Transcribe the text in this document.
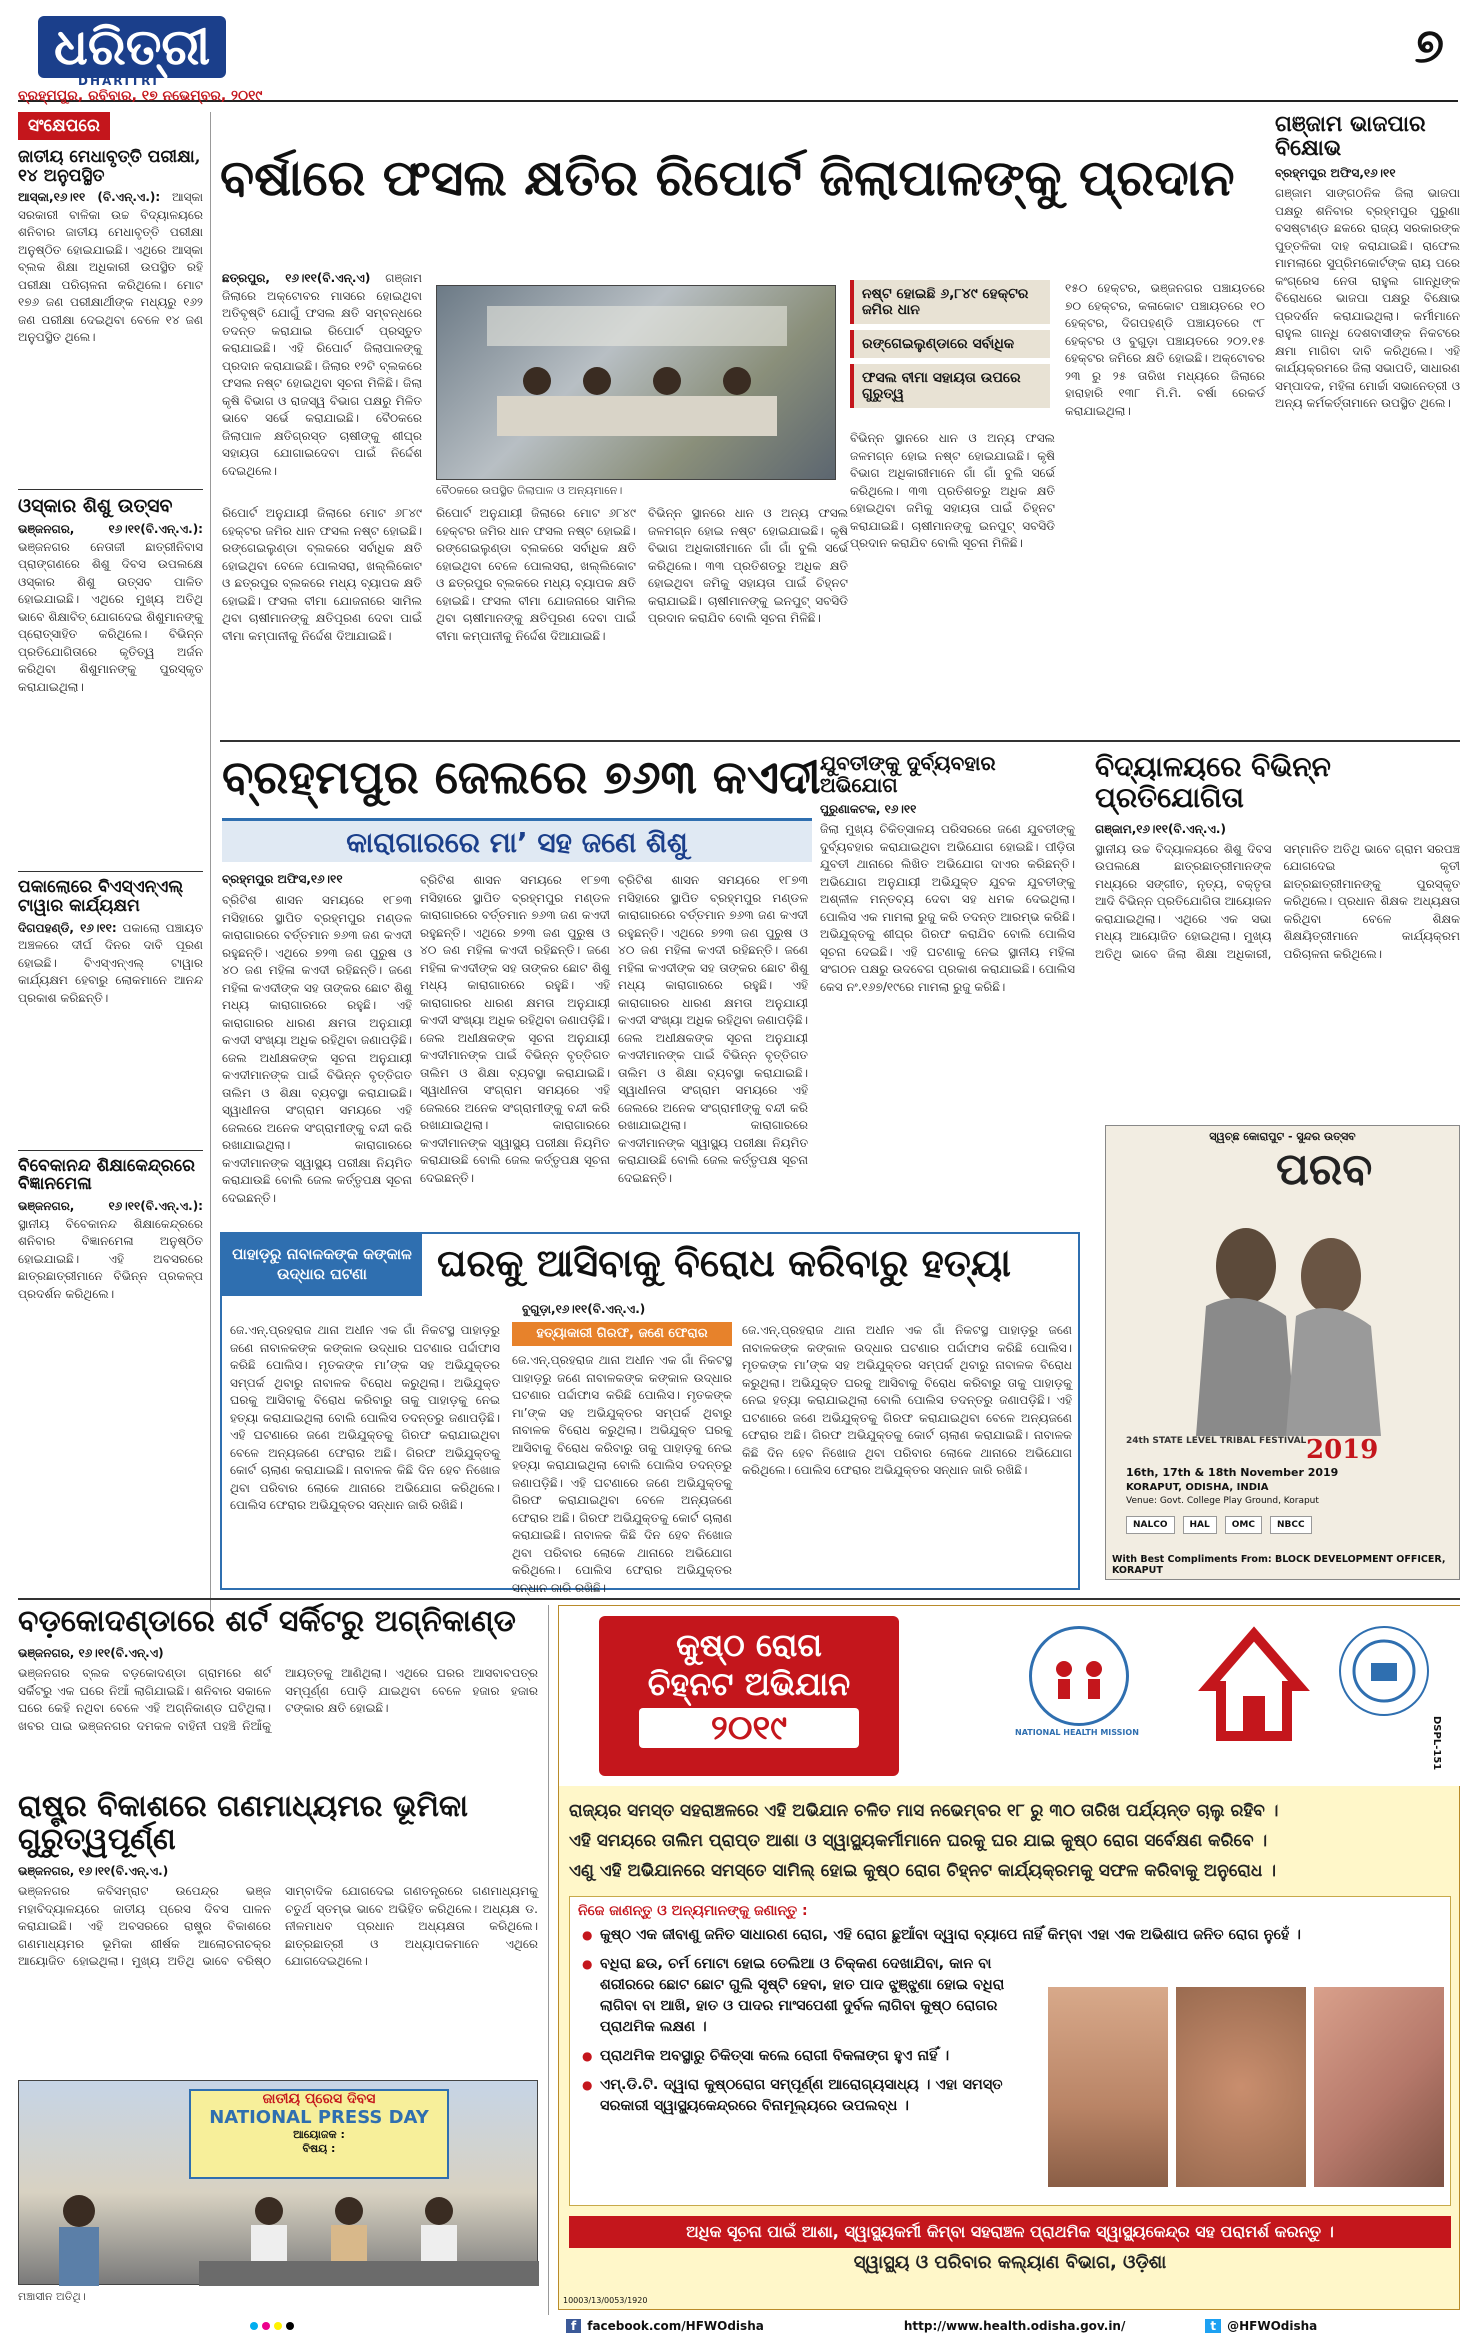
ଧରିତ୍ରୀ
DHARITRI
ବ୍ରହ୍ମପୁର, ରବିବାର, ୧୭ ନଭେମ୍ବର, ୨୦୧୯
୭
ସଂକ୍ଷେପରେ
ଜାତୀୟ ମେଧାବୃତ୍ତି ପରୀକ୍ଷା, ୧୪ ଅନୁପସ୍ଥିତ
ଆସ୍କା,୧୬।୧୧ (ବି.ଏନ୍.ଏ.): ଆସ୍କା ସରକାରୀ ବାଳିକା ଉଚ୍ଚ ବିଦ୍ୟାଳୟରେ ଶନିବାର ଜାତୀୟ ମେଧାବୃତ୍ତି ପରୀକ୍ଷା ଅନୁଷ୍ଠିତ ହୋଇଯାଇଛି। ଏଥିରେ ଆସ୍କା ବ୍ଲକ ଶିକ୍ଷା ଅଧିକାରୀ ଉପସ୍ଥିତ ରହି ପରୀକ୍ଷା ପରିଚାଳନା କରିଥିଲେ। ମୋଟ ୧୭୬ ଜଣ ପରୀକ୍ଷାର୍ଥୀଙ୍କ ମଧ୍ୟରୁ ୧୬୨ ଜଣ ପରୀକ୍ଷା ଦେଇଥିବା ବେଳେ ୧୪ ଜଣ ଅନୁପସ୍ଥିତ ଥିଲେ।
ଓସ୍କାର ଶିଶୁ ଉତ୍ସବ
ଭଞ୍ଜନଗର, ୧୬।୧୧(ବି.ଏନ୍.ଏ.): ଭଞ୍ଜନଗର ନେତାଜୀ ଛାତ୍ରୀନିବାସ ପ୍ରାଙ୍ଗଣରେ ଶିଶୁ ଦିବସ ଉପଲକ୍ଷେ ଓସ୍କାର ଶିଶୁ ଉତ୍ସବ ପାଳିତ ହୋଇଯାଇଛି। ଏଥିରେ ମୁଖ୍ୟ ଅତିଥି ଭାବେ ଶିକ୍ଷାବିତ୍ ଯୋଗଦେଇ ଶିଶୁମାନଙ୍କୁ ପ୍ରୋତ୍ସାହିତ କରିଥିଲେ। ବିଭିନ୍ନ ପ୍ରତିଯୋଗିତାରେ କୃତିତ୍ୱ ଅର୍ଜନ କରିଥିବା ଶିଶୁମାନଙ୍କୁ ପୁରସ୍କୃତ କରାଯାଇଥିଲା।
ପକାଲୋରେ ବିଏସ୍ଏନ୍ଏଲ୍ ଟାୱାର କାର୍ଯ୍ୟକ୍ଷମ
ଦିଗପହଣ୍ଡି, ୧୬।୧୧: ପକାଲୋ ପଞ୍ଚାୟତ ଅଞ୍ଚଳରେ ଦୀର୍ଘ ଦିନର ଦାବି ପୂରଣ ହୋଇଛି। ବିଏସ୍ଏନ୍ଏଲ୍ ଟାୱାର କାର୍ଯ୍ୟକ୍ଷମ ହେବାରୁ ଲୋକମାନେ ଆନନ୍ଦ ପ୍ରକାଶ କରିଛନ୍ତି।
ବିବେକାନନ୍ଦ ଶିକ୍ଷାକେନ୍ଦ୍ରରେ ବିଜ୍ଞାନମେଳା
ଭଞ୍ଜନଗର, ୧୬।୧୧(ବି.ଏନ୍.ଏ.): ସ୍ଥାନୀୟ ବିବେକାନନ୍ଦ ଶିକ୍ଷାକେନ୍ଦ୍ରରେ ଶନିବାର ବିଜ୍ଞାନମେଳା ଅନୁଷ୍ଠିତ ହୋଇଯାଇଛି। ଏହି ଅବସରରେ ଛାତ୍ରଛାତ୍ରୀମାନେ ବିଭିନ୍ନ ପ୍ରକଳ୍ପ ପ୍ରଦର୍ଶନ କରିଥିଲେ।
ବର୍ଷାରେ ଫସଲ କ୍ଷତିର ରିପୋର୍ଟ ଜିଲାପାଳଙ୍କୁ ପ୍ରଦାନ
ବୈଠକରେ ଉପସ୍ଥିତ ଜିଲାପାଳ ଓ ଅନ୍ୟମାନେ।
ଛତ୍ରପୁର, ୧୬।୧୧(ବି.ଏନ୍.ଏ) ଗଞ୍ଜାମ ଜିଲାରେ ଅକ୍ଟୋବର ମାସରେ ହୋଇଥିବା ଅତିବୃଷ୍ଟି ଯୋଗୁଁ ଫସଲ କ୍ଷତି ସମ୍ବନ୍ଧରେ ତଦନ୍ତ କରାଯାଇ ରିପୋର୍ଟ ପ୍ରସ୍ତୁତ କରାଯାଇଛି। ଏହି ରିପୋର୍ଟ ଜିଲାପାଳଙ୍କୁ ପ୍ରଦାନ କରାଯାଇଛି। ଜିଲାର ୧୨ଟି ବ୍ଲକରେ ଫସଲ ନଷ୍ଟ ହୋଇଥିବା ସୂଚନା ମିଳିଛି। ଜିଲା କୃଷି ବିଭାଗ ଓ ରାଜସ୍ୱ ବିଭାଗ ପକ୍ଷରୁ ମିଳିତ ଭାବେ ସର୍ଭେ କରାଯାଇଛି। ବୈଠକରେ ଜିଲାପାଳ କ୍ଷତିଗ୍ରସ୍ତ ଚାଷୀଙ୍କୁ ଶୀଘ୍ର ସହାୟତା ଯୋଗାଇଦେବା ପାଇଁ ନିର୍ଦ୍ଦେଶ ଦେଇଥିଲେ।
ରିପୋର୍ଟ ଅନୁଯାୟୀ ଜିଲାରେ ମୋଟ ୬୮୪୯ ହେକ୍ଟର ଜମିର ଧାନ ଫସଲ ନଷ୍ଟ ହୋଇଛି। ରଙ୍ଗେଇଲୁଣ୍ଡା ବ୍ଲକରେ ସର୍ବାଧିକ କ୍ଷତି ହୋଇଥିବା ବେଳେ ପୋଲସରା, ଖଲ୍ଲିକୋଟ ଓ ଛତ୍ରପୁର ବ୍ଲକରେ ମଧ୍ୟ ବ୍ୟାପକ କ୍ଷତି ହୋଇଛି। ଫସଲ ବୀମା ଯୋଜନାରେ ସାମିଲ ଥିବା ଚାଷୀମାନଙ୍କୁ କ୍ଷତିପୂରଣ ଦେବା ପାଇଁ ବୀମା କମ୍ପାନୀକୁ ନିର୍ଦ୍ଦେଶ ଦିଆଯାଇଛି।
ରିପୋର୍ଟ ଅନୁଯାୟୀ ଜିଲାରେ ମୋଟ ୬୮୪୯ ହେକ୍ଟର ଜମିର ଧାନ ଫସଲ ନଷ୍ଟ ହୋଇଛି। ରଙ୍ଗେଇଲୁଣ୍ଡା ବ୍ଲକରେ ସର୍ବାଧିକ କ୍ଷତି ହୋଇଥିବା ବେଳେ ପୋଲସରା, ଖଲ୍ଲିକୋଟ ଓ ଛତ୍ରପୁର ବ୍ଲକରେ ମଧ୍ୟ ବ୍ୟାପକ କ୍ଷତି ହୋଇଛି। ଫସଲ ବୀମା ଯୋଜନାରେ ସାମିଲ ଥିବା ଚାଷୀମାନଙ୍କୁ କ୍ଷତିପୂରଣ ଦେବା ପାଇଁ ବୀମା କମ୍ପାନୀକୁ ନିର୍ଦ୍ଦେଶ ଦିଆଯାଇଛି।
ନଷ୍ଟ ହୋଇଛି ୬,୮୪୯ ହେକ୍ଟର ଜମିର ଧାନ
ରଙ୍ଗେଇଲୁଣ୍ଡାରେ ସର୍ବାଧିକ
ଫସଲ ବୀମା ସହାୟତା ଉପରେ ଗୁରୁତ୍ୱ
ବିଭିନ୍ନ ସ୍ଥାନରେ ଧାନ ଓ ଅନ୍ୟ ଫସଲ ଜଳମଗ୍ନ ହୋଇ ନଷ୍ଟ ହୋଇଯାଇଛି। କୃଷି ବିଭାଗ ଅଧିକାରୀମାନେ ଗାଁ ଗାଁ ବୁଲି ସର୍ଭେ କରିଥିଲେ। ୩୩ ପ୍ରତିଶତରୁ ଅଧିକ କ୍ଷତି ହୋଇଥିବା ଜମିକୁ ସହାୟତା ପାଇଁ ଚିହ୍ନଟ କରାଯାଇଛି। ଚାଷୀମାନଙ୍କୁ ଇନପୁଟ୍ ସବସିଡି ପ୍ରଦାନ କରାଯିବ ବୋଲି ସୂଚନା ମିଳିଛି।
ବିଭିନ୍ନ ସ୍ଥାନରେ ଧାନ ଓ ଅନ୍ୟ ଫସଲ ଜଳମଗ୍ନ ହୋଇ ନଷ୍ଟ ହୋଇଯାଇଛି। କୃଷି ବିଭାଗ ଅଧିକାରୀମାନେ ଗାଁ ଗାଁ ବୁଲି ସର୍ଭେ କରିଥିଲେ। ୩୩ ପ୍ରତିଶତରୁ ଅଧିକ କ୍ଷତି ହୋଇଥିବା ଜମିକୁ ସହାୟତା ପାଇଁ ଚିହ୍ନଟ କରାଯାଇଛି। ଚାଷୀମାନଙ୍କୁ ଇନପୁଟ୍ ସବସିଡି ପ୍ରଦାନ କରାଯିବ ବୋଲି ସୂଚନା ମିଳିଛି।
୧୫୦ ହେକ୍ଟର, ଭଞ୍ଜନଗର ପଞ୍ଚାୟତରେ ୭୦ ହେକ୍ଟର, କଳାକୋଟ ପଞ୍ଚାୟତରେ ୧୦ ହେକ୍ଟର, ଦିଗପହଣ୍ଡି ପଞ୍ଚାୟତରେ ୯୮ ହେକ୍ଟର ଓ ବୁଗୁଡ଼ା ପଞ୍ଚାୟତରେ ୨୦୨.୧୫ ହେକ୍ଟର ଜମିରେ କ୍ଷତି ହୋଇଛି। ଅକ୍ଟୋବର ୨୩ ରୁ ୨୫ ତାରିଖ ମଧ୍ୟରେ ଜିଲାରେ ହାରାହାରି ୧୩୮ ମି.ମି. ବର୍ଷା ରେକର୍ଡ କରାଯାଇଥିଲା।
ଗଞ୍ଜାମ ଭାଜପାର ବିକ୍ଷୋଭ
ବ୍ରହ୍ମପୁର ଅଫିସ,୧୬।୧୧
ଗଞ୍ଜାମ ସାଙ୍ଗଠନିକ ଜିଲା ଭାଜପା ପକ୍ଷରୁ ଶନିବାର ବ୍ରହ୍ମପୁର ପୁରୁଣା ବସଷ୍ଟାଣ୍ଡ ଛକରେ ରାଜ୍ୟ ସରକାରଙ୍କ ପୁତ୍ତଳିକା ଦାହ କରାଯାଇଛି। ରାଫେଲ ମାମଲାରେ ସୁପ୍ରିମକୋର୍ଟଙ୍କ ରାୟ ପରେ କଂଗ୍ରେସ ନେତା ରାହୁଲ ଗାନ୍ଧିଙ୍କ ବିରୋଧରେ ଭାଜପା ପକ୍ଷରୁ ବିକ୍ଷୋଭ ପ୍ରଦର୍ଶନ କରାଯାଇଥିଲା। କର୍ମୀମାନେ ରାହୁଲ ଗାନ୍ଧି ଦେଶବାସୀଙ୍କ ନିକଟରେ କ୍ଷମା ମାଗିବା ଦାବି କରିଥିଲେ। ଏହି କାର୍ଯ୍ୟକ୍ରମରେ ଜିଲା ସଭାପତି, ସାଧାରଣ ସମ୍ପାଦକ, ମହିଳା ମୋର୍ଚ୍ଚା ସଭାନେତ୍ରୀ ଓ ଅନ୍ୟ କର୍ମକର୍ତ୍ତାମାନେ ଉପସ୍ଥିତ ଥିଲେ।
ବ୍ରହ୍ମପୁର ଜେଲରେ ୭୬୩ କଏଦୀ
କାରାଗାରରେ ମା’ ସହ ଜଣେ ଶିଶୁ
ବ୍ରହ୍ମପୁର ଅଫିସ,୧୬।୧୧
ବ୍ରିଟିଶ ଶାସନ ସମୟରେ ୧୮୭୩ ମସିହାରେ ସ୍ଥାପିତ ବ୍ରହ୍ମପୁର ମଣ୍ଡଳ କାରାଗାରରେ ବର୍ତ୍ତମାନ ୭୬୩ ଜଣ କଏଦୀ ରହୁଛନ୍ତି। ଏଥିରେ ୭୨୩ ଜଣ ପୁରୁଷ ଓ ୪୦ ଜଣ ମହିଳା କଏଦୀ ରହିଛନ୍ତି। ଜଣେ ମହିଳା କଏଦୀଙ୍କ ସହ ତାଙ୍କର ଛୋଟ ଶିଶୁ ମଧ୍ୟ କାରାଗାରରେ ରହୁଛି। ଏହି କାରାଗାରର ଧାରଣ କ୍ଷମତା ଅନୁଯାୟୀ କଏଦୀ ସଂଖ୍ୟା ଅଧିକ ରହିଥିବା ଜଣାପଡ଼ିଛି। ଜେଲ ଅଧୀକ୍ଷକଙ୍କ ସୂଚନା ଅନୁଯାୟୀ କଏଦୀମାନଙ୍କ ପାଇଁ ବିଭିନ୍ନ ବୃତ୍ତିଗତ ତାଲିମ ଓ ଶିକ୍ଷା ବ୍ୟବସ୍ଥା କରାଯାଇଛି। ସ୍ୱାଧୀନତା ସଂଗ୍ରାମ ସମୟରେ ଏହି ଜେଲରେ ଅନେକ ସଂଗ୍ରାମୀଙ୍କୁ ବନ୍ଦୀ କରି ରଖାଯାଇଥିଲା। କାରାଗାରରେ କଏଦୀମାନଙ୍କ ସ୍ୱାସ୍ଥ୍ୟ ପରୀକ୍ଷା ନିୟମିତ କରାଯାଉଛି ବୋଲି ଜେଲ କର୍ତ୍ତୃପକ୍ଷ ସୂଚନା ଦେଇଛନ୍ତି।
ବ୍ରିଟିଶ ଶାସନ ସମୟରେ ୧୮୭୩ ମସିହାରେ ସ୍ଥାପିତ ବ୍ରହ୍ମପୁର ମଣ୍ଡଳ କାରାଗାରରେ ବର୍ତ୍ତମାନ ୭୬୩ ଜଣ କଏଦୀ ରହୁଛନ୍ତି। ଏଥିରେ ୭୨୩ ଜଣ ପୁରୁଷ ଓ ୪୦ ଜଣ ମହିଳା କଏଦୀ ରହିଛନ୍ତି। ଜଣେ ମହିଳା କଏଦୀଙ୍କ ସହ ତାଙ୍କର ଛୋଟ ଶିଶୁ ମଧ୍ୟ କାରାଗାରରେ ରହୁଛି। ଏହି କାରାଗାରର ଧାରଣ କ୍ଷମତା ଅନୁଯାୟୀ କଏଦୀ ସଂଖ୍ୟା ଅଧିକ ରହିଥିବା ଜଣାପଡ଼ିଛି। ଜେଲ ଅଧୀକ୍ଷକଙ୍କ ସୂଚନା ଅନୁଯାୟୀ କଏଦୀମାନଙ୍କ ପାଇଁ ବିଭିନ୍ନ ବୃତ୍ତିଗତ ତାଲିମ ଓ ଶିକ୍ଷା ବ୍ୟବସ୍ଥା କରାଯାଇଛି। ସ୍ୱାଧୀନତା ସଂଗ୍ରାମ ସମୟରେ ଏହି ଜେଲରେ ଅନେକ ସଂଗ୍ରାମୀଙ୍କୁ ବନ୍ଦୀ କରି ରଖାଯାଇଥିଲା। କାରାଗାରରେ କଏଦୀମାନଙ୍କ ସ୍ୱାସ୍ଥ୍ୟ ପରୀକ୍ଷା ନିୟମିତ କରାଯାଉଛି ବୋଲି ଜେଲ କର୍ତ୍ତୃପକ୍ଷ ସୂଚନା ଦେଇଛନ୍ତି।
ବ୍ରିଟିଶ ଶାସନ ସମୟରେ ୧୮୭୩ ମସିହାରେ ସ୍ଥାପିତ ବ୍ରହ୍ମପୁର ମଣ୍ଡଳ କାରାଗାରରେ ବର୍ତ୍ତମାନ ୭୬୩ ଜଣ କଏଦୀ ରହୁଛନ୍ତି। ଏଥିରେ ୭୨୩ ଜଣ ପୁରୁଷ ଓ ୪୦ ଜଣ ମହିଳା କଏଦୀ ରହିଛନ୍ତି। ଜଣେ ମହିଳା କଏଦୀଙ୍କ ସହ ତାଙ୍କର ଛୋଟ ଶିଶୁ ମଧ୍ୟ କାରାଗାରରେ ରହୁଛି। ଏହି କାରାଗାରର ଧାରଣ କ୍ଷମତା ଅନୁଯାୟୀ କଏଦୀ ସଂଖ୍ୟା ଅଧିକ ରହିଥିବା ଜଣାପଡ଼ିଛି। ଜେଲ ଅଧୀକ୍ଷକଙ୍କ ସୂଚନା ଅନୁଯାୟୀ କଏଦୀମାନଙ୍କ ପାଇଁ ବିଭିନ୍ନ ବୃତ୍ତିଗତ ତାଲିମ ଓ ଶିକ୍ଷା ବ୍ୟବସ୍ଥା କରାଯାଇଛି। ସ୍ୱାଧୀନତା ସଂଗ୍ରାମ ସମୟରେ ଏହି ଜେଲରେ ଅନେକ ସଂଗ୍ରାମୀଙ୍କୁ ବନ୍ଦୀ କରି ରଖାଯାଇଥିଲା। କାରାଗାରରେ କଏଦୀମାନଙ୍କ ସ୍ୱାସ୍ଥ୍ୟ ପରୀକ୍ଷା ନିୟମିତ କରାଯାଉଛି ବୋଲି ଜେଲ କର୍ତ୍ତୃପକ୍ଷ ସୂଚନା ଦେଇଛନ୍ତି।
ଯୁବତୀଙ୍କୁ ଦୁର୍ବ୍ୟବହାର ଅଭିଯୋଗ
ପୁରୁଣାକଟକ, ୧୬।୧୧
ଜିଲା ମୁଖ୍ୟ ଚିକିତ୍ସାଳୟ ପରିସରରେ ଜଣେ ଯୁବତୀଙ୍କୁ ଦୁର୍ବ୍ୟବହାର କରାଯାଇଥିବା ଅଭିଯୋଗ ହୋଇଛି। ପୀଡ଼ିତା ଯୁବତୀ ଥାନାରେ ଲିଖିତ ଅଭିଯୋଗ ଦାଏର କରିଛନ୍ତି। ଅଭିଯୋଗ ଅନୁଯାୟୀ ଅଭିଯୁକ୍ତ ଯୁବକ ଯୁବତୀଙ୍କୁ ଅଶ୍ଳୀଳ ମନ୍ତବ୍ୟ ଦେବା ସହ ଧମକ ଦେଇଥିଲା। ପୋଲିସ ଏକ ମାମଲା ରୁଜୁ କରି ତଦନ୍ତ ଆରମ୍ଭ କରିଛି। ଅଭିଯୁକ୍ତକୁ ଶୀଘ୍ର ଗିରଫ କରାଯିବ ବୋଲି ପୋଲିସ ସୂଚନା ଦେଇଛି। ଏହି ଘଟଣାକୁ ନେଇ ସ୍ଥାନୀୟ ମହିଳା ସଂଗଠନ ପକ୍ଷରୁ ଉଦବେଗ ପ୍ରକାଶ କରାଯାଇଛି। ପୋଲିସ କେସ ନଂ.୧୬୭/୧୯ରେ ମାମଲା ରୁଜୁ କରିଛି।
ବିଦ୍ୟାଳୟରେ ବିଭିନ୍ନ ପ୍ରତିଯୋଗିତା
ଗଞ୍ଜାମ,୧୬।୧୧(ବି.ଏନ୍.ଏ.)
ସ୍ଥାନୀୟ ଉଚ୍ଚ ବିଦ୍ୟାଳୟରେ ଶିଶୁ ଦିବସ ଉପଲକ୍ଷେ ଛାତ୍ରଛାତ୍ରୀମାନଙ୍କ ମଧ୍ୟରେ ସଙ୍ଗୀତ, ନୃତ୍ୟ, ବକ୍ତୃତା ଆଦି ବିଭିନ୍ନ ପ୍ରତିଯୋଗିତା ଆୟୋଜନ କରାଯାଇଥିଲା। ଏଥିରେ ଏକ ସଭା ମଧ୍ୟ ଆୟୋଜିତ ହୋଇଥିଲା। ମୁଖ୍ୟ ଅତିଥି ଭାବେ ଜିଲା ଶିକ୍ଷା ଅଧିକାରୀ, ସମ୍ମାନିତ ଅତିଥି ଭାବେ ଗ୍ରାମ ସରପଞ୍ଚ ଯୋଗଦେଇ କୃତୀ ଛାତ୍ରଛାତ୍ରୀମାନଙ୍କୁ ପୁରସ୍କୃତ କରିଥିଲେ। ପ୍ରଧାନ ଶିକ୍ଷକ ଅଧ୍ୟକ୍ଷତା କରିଥିବା ବେଳେ ଶିକ୍ଷକ ଶିକ୍ଷୟିତ୍ରୀମାନେ କାର୍ଯ୍ୟକ୍ରମ ପରିଚାଳନା କରିଥିଲେ।
ସ୍ୱଚ୍ଛ କୋରାପୁଟ - ସୁନ୍ଦର ଉତ୍ସବ
ପରବ
24th STATE LEVEL TRIBAL FESTIVAL 2019
16th, 17th & 18th November 2019
KORAPUT, ODISHA, INDIA
Venue: Govt. College Play Ground, Koraput
NALCO	HAL	OMC	NBCC
With Best Compliments From: BLOCK DEVELOPMENT OFFICER, KORAPUT
ପାହାଡ଼ରୁ ନାବାଳକଙ୍କ କଙ୍କାଳ ଉଦ୍ଧାର ଘଟଣା	ଘରକୁ ଆସିବାକୁ ବିରୋଧ କରିବାରୁ ହତ୍ୟା
ବୁଗୁଡ଼ା,୧୬।୧୧(ବି.ଏନ୍.ଏ.)
ହତ୍ୟାକାରୀ ଗିରଫ, ଜଣେ ଫେରାର
ଜେ.ଏନ୍.ପ୍ରହରାଜ ଥାନା ଅଧୀନ ଏକ ଗାଁ ନିକଟସ୍ଥ ପାହାଡ଼ରୁ ଜଣେ ନାବାଳକଙ୍କ କଙ୍କାଳ ଉଦ୍ଧାର ଘଟଣାର ପର୍ଦ୍ଦାଫାସ କରିଛି ପୋଲିସ। ମୃତକଙ୍କ ମା’ଙ୍କ ସହ ଅଭିଯୁକ୍ତର ସମ୍ପର୍କ ଥିବାରୁ ନାବାଳକ ବିରୋଧ କରୁଥିଲା। ଅଭିଯୁକ୍ତ ଘରକୁ ଆସିବାକୁ ବିରୋଧ କରିବାରୁ ତାକୁ ପାହାଡ଼କୁ ନେଇ ହତ୍ୟା କରାଯାଇଥିଲା ବୋଲି ପୋଲିସ ତଦନ୍ତରୁ ଜଣାପଡ଼ିଛି। ଏହି ଘଟଣାରେ ଜଣେ ଅଭିଯୁକ୍ତକୁ ଗିରଫ କରାଯାଇଥିବା ବେଳେ ଅନ୍ୟଜଣେ ଫେରାର ଅଛି। ଗିରଫ ଅଭିଯୁକ୍ତକୁ କୋର୍ଟ ଚାଲାଣ କରାଯାଇଛି। ନାବାଳକ କିଛି ଦିନ ହେବ ନିଖୋଜ ଥିବା ପରିବାର ଲୋକେ ଥାନାରେ ଅଭିଯୋଗ କରିଥିଲେ। ପୋଲିସ ଫେରାର ଅଭିଯୁକ୍ତର ସନ୍ଧାନ ଜାରି ରଖିଛି।
ଜେ.ଏନ୍.ପ୍ରହରାଜ ଥାନା ଅଧୀନ ଏକ ଗାଁ ନିକଟସ୍ଥ ପାହାଡ଼ରୁ ଜଣେ ନାବାଳକଙ୍କ କଙ୍କାଳ ଉଦ୍ଧାର ଘଟଣାର ପର୍ଦ୍ଦାଫାସ କରିଛି ପୋଲିସ। ମୃତକଙ୍କ ମା’ଙ୍କ ସହ ଅଭିଯୁକ୍ତର ସମ୍ପର୍କ ଥିବାରୁ ନାବାଳକ ବିରୋଧ କରୁଥିଲା। ଅଭିଯୁକ୍ତ ଘରକୁ ଆସିବାକୁ ବିରୋଧ କରିବାରୁ ତାକୁ ପାହାଡ଼କୁ ନେଇ ହତ୍ୟା କରାଯାଇଥିଲା ବୋଲି ପୋଲିସ ତଦନ୍ତରୁ ଜଣାପଡ଼ିଛି। ଏହି ଘଟଣାରେ ଜଣେ ଅଭିଯୁକ୍ତକୁ ଗିରଫ କରାଯାଇଥିବା ବେଳେ ଅନ୍ୟଜଣେ ଫେରାର ଅଛି। ଗିରଫ ଅଭିଯୁକ୍ତକୁ କୋର୍ଟ ଚାଲାଣ କରାଯାଇଛି। ନାବାଳକ କିଛି ଦିନ ହେବ ନିଖୋଜ ଥିବା ପରିବାର ଲୋକେ ଥାନାରେ ଅଭିଯୋଗ କରିଥିଲେ। ପୋଲିସ ଫେରାର ଅଭିଯୁକ୍ତର ସନ୍ଧାନ ଜାରି ରଖିଛି।
ଜେ.ଏନ୍.ପ୍ରହରାଜ ଥାନା ଅଧୀନ ଏକ ଗାଁ ନିକଟସ୍ଥ ପାହାଡ଼ରୁ ଜଣେ ନାବାଳକଙ୍କ କଙ୍କାଳ ଉଦ୍ଧାର ଘଟଣାର ପର୍ଦ୍ଦାଫାସ କରିଛି ପୋଲିସ। ମୃତକଙ୍କ ମା’ଙ୍କ ସହ ଅଭିଯୁକ୍ତର ସମ୍ପର୍କ ଥିବାରୁ ନାବାଳକ ବିରୋଧ କରୁଥିଲା। ଅଭିଯୁକ୍ତ ଘରକୁ ଆସିବାକୁ ବିରୋଧ କରିବାରୁ ତାକୁ ପାହାଡ଼କୁ ନେଇ ହତ୍ୟା କରାଯାଇଥିଲା ବୋଲି ପୋଲିସ ତଦନ୍ତରୁ ଜଣାପଡ଼ିଛି। ଏହି ଘଟଣାରେ ଜଣେ ଅଭିଯୁକ୍ତକୁ ଗିରଫ କରାଯାଇଥିବା ବେଳେ ଅନ୍ୟଜଣେ ଫେରାର ଅଛି। ଗିରଫ ଅଭିଯୁକ୍ତକୁ କୋର୍ଟ ଚାଲାଣ କରାଯାଇଛି। ନାବାଳକ କିଛି ଦିନ ହେବ ନିଖୋଜ ଥିବା ପରିବାର ଲୋକେ ଥାନାରେ ଅଭିଯୋଗ କରିଥିଲେ। ପୋଲିସ ଫେରାର ଅଭିଯୁକ୍ତର ସନ୍ଧାନ ଜାରି ରଖିଛି।
ବଡ଼କୋଦଣ୍ଡାରେ ଶର୍ଟ ସର୍କିଟରୁ ଅଗ୍ନିକାଣ୍ଡ
ଭଞ୍ଜନଗର, ୧୬।୧୧(ବି.ଏନ୍.ଏ)
ଭଞ୍ଜନଗର ବ୍ଲକ ବଡ଼କୋଦଣ୍ଡା ଗ୍ରାମରେ ଶର୍ଟ ସର୍କିଟରୁ ଏକ ଘରେ ନିଆଁ ଲାଗିଯାଇଛି। ଶନିବାର ସକାଳେ ଘରେ କେହି ନଥିବା ବେଳେ ଏହି ଅଗ୍ନିକାଣ୍ଡ ଘଟିଥିଲା। ଖବର ପାଇ ଭଞ୍ଜନଗର ଦମକଳ ବାହିନୀ ପହଞ୍ଚି ନିଆଁକୁ ଆୟତ୍ତକୁ ଆଣିଥିଲା। ଏଥିରେ ଘରର ଆସବାବପତ୍ର ସମ୍ପୂର୍ଣ୍ଣ ପୋଡ଼ି ଯାଇଥିବା ବେଳେ ହଜାର ହଜାର ଟଙ୍କାର କ୍ଷତି ହୋଇଛି।
ରାଷ୍ଟ୍ର ବିକାଶରେ ଗଣମାଧ୍ୟମର ଭୂମିକା ଗୁରୁତ୍ୱପୂର୍ଣ୍ଣ
ଭଞ୍ଜନଗର, ୧୬।୧୧(ବି.ଏନ୍.ଏ.)
ଭଞ୍ଜନଗର କବିସମ୍ରାଟ ଉପେନ୍ଦ୍ର ଭଞ୍ଜ ମହାବିଦ୍ୟାଳୟରେ ଜାତୀୟ ପ୍ରେସ ଦିବସ ପାଳନ କରାଯାଇଛି। ଏହି ଅବସରରେ ରାଷ୍ଟ୍ର ବିକାଶରେ ଗଣମାଧ୍ୟମର ଭୂମିକା ଶୀର୍ଷକ ଆଲୋଚନାଚକ୍ର ଆୟୋଜିତ ହୋଇଥିଲା। ମୁଖ୍ୟ ଅତିଥି ଭାବେ ବରିଷ୍ଠ ସାମ୍ବାଦିକ ଯୋଗଦେଇ ଗଣତନ୍ତ୍ରରେ ଗଣମାଧ୍ୟମକୁ ଚତୁର୍ଥ ସ୍ତମ୍ଭ ଭାବେ ଅଭିହିତ କରିଥିଲେ। ଅଧ୍ୟକ୍ଷ ଡ. ନୀଳମାଧବ ପ୍ରଧାନ ଅଧ୍ୟକ୍ଷତା କରିଥିଲେ। ଛାତ୍ରଛାତ୍ରୀ ଓ ଅଧ୍ୟାପକମାନେ ଏଥିରେ ଯୋଗଦେଇଥିଲେ।
ଜାତୀୟ ପ୍ରେସ ଦିବସ
NATIONAL PRESS DAY
ଆୟୋଜକ :
ବିଷୟ :
ମଞ୍ଚାସୀନ ଅତିଥି।
କୁଷ୍ଠ ରୋଗ
ଚିହ୍ନଟ ଅଭିଯାନ
୨୦୧୯	NATIONAL HEALTH MISSION	DSPL-151
ରାଜ୍ୟର ସମସ୍ତ ସହରାଞ୍ଚଳରେ ଏହି ଅଭିଯାନ ଚଳିତ ମାସ ନଭେମ୍ବର ୧୮ ରୁ ୩୦ ତାରିଖ ପର୍ଯ୍ୟନ୍ତ ଚାଲୁ ରହିବ ।
ଏହି ସମୟରେ ତାଲିମ ପ୍ରାପ୍ତ ଆଶା ଓ ସ୍ୱାସ୍ଥ୍ୟକର୍ମୀମାନେ ଘରକୁ ଘର ଯାଇ କୁଷ୍ଠ ରୋଗ ସର୍ବେକ୍ଷଣ କରିବେ ।
ଏଣୁ ଏହି ଅଭିଯାନରେ ସମସ୍ତେ ସାମିଲ୍ ହୋଇ କୁଷ୍ଠ ରୋଗ ଚିହ୍ନଟ କାର୍ଯ୍ୟକ୍ରମକୁ ସଫଳ କରିବାକୁ ଅନୁରୋଧ ।
ନିଜେ ଜାଣନ୍ତୁ ଓ ଅନ୍ୟମାନଙ୍କୁ ଜଣାନ୍ତୁ :
● କୁଷ୍ଠ ଏକ ଜୀବାଣୁ ଜନିତ ସାଧାରଣ ରୋଗ, ଏହି ରୋଗ ଛୁଆଁବା ଦ୍ୱାରା ବ୍ୟାପେ ନାହିଁ କିମ୍ବା ଏହା ଏକ ଅଭିଶାପ ଜନିତ ରୋଗ ନୁହେଁ ।
● ବଧିରା ଛଉ, ଚର୍ମ ମୋଟା ହୋଇ ତେଲିଆ ଓ ଚିକ୍କଣ ଦେଖାଯିବା, କାନ ବା ଶରୀରରେ ଛୋଟ ଛୋଟ ଗୁଲି ସୃଷ୍ଟି ହେବା, ହାତ ପାଦ ଝୁଞ୍ଝୁଣା ହୋଇ ବଧିରା ଲାଗିବା ବା ଆଖି, ହାତ ଓ ପାଦର ମାଂସପେଶୀ ଦୁର୍ବଳ ଲାଗିବା କୁଷ୍ଠ ରୋଗର ପ୍ରାଥମିକ ଲକ୍ଷଣ ।
● ପ୍ରାଥମିକ ଅବସ୍ଥାରୁ ଚିକିତ୍ସା କଲେ ରୋଗୀ ବିକଳାଙ୍ଗ ହୁଏ ନାହିଁ ।
● ଏମ୍.ଡି.ଟି. ଦ୍ୱାରା କୁଷ୍ଠରୋଗ ସମ୍ପୂର୍ଣ୍ଣ ଆରୋଗ୍ୟସାଧ୍ୟ । ଏହା ସମସ୍ତ ସରକାରୀ ସ୍ୱାସ୍ଥ୍ୟକେନ୍ଦ୍ରରେ ବିନାମୂଲ୍ୟରେ ଉପଲବ୍ଧ ।
ଅଧିକ ସୂଚନା ପାଇଁ ଆଶା, ସ୍ୱାସ୍ଥ୍ୟକର୍ମୀ କିମ୍ବା ସହରାଞ୍ଚଳ ପ୍ରାଥମିକ ସ୍ୱାସ୍ଥ୍ୟକେନ୍ଦ୍ର ସହ ପରାମର୍ଶ କରନ୍ତୁ ।
ସ୍ୱାସ୍ଥ୍ୟ ଓ ପରିବାର କଲ୍ୟାଣ ବିଭାଗ, ଓଡ଼ିଶା
10003/13/0053/1920
f facebook.com/HFWOdisha	http://www.health.odisha.gov.in/	t @HFWOdisha
